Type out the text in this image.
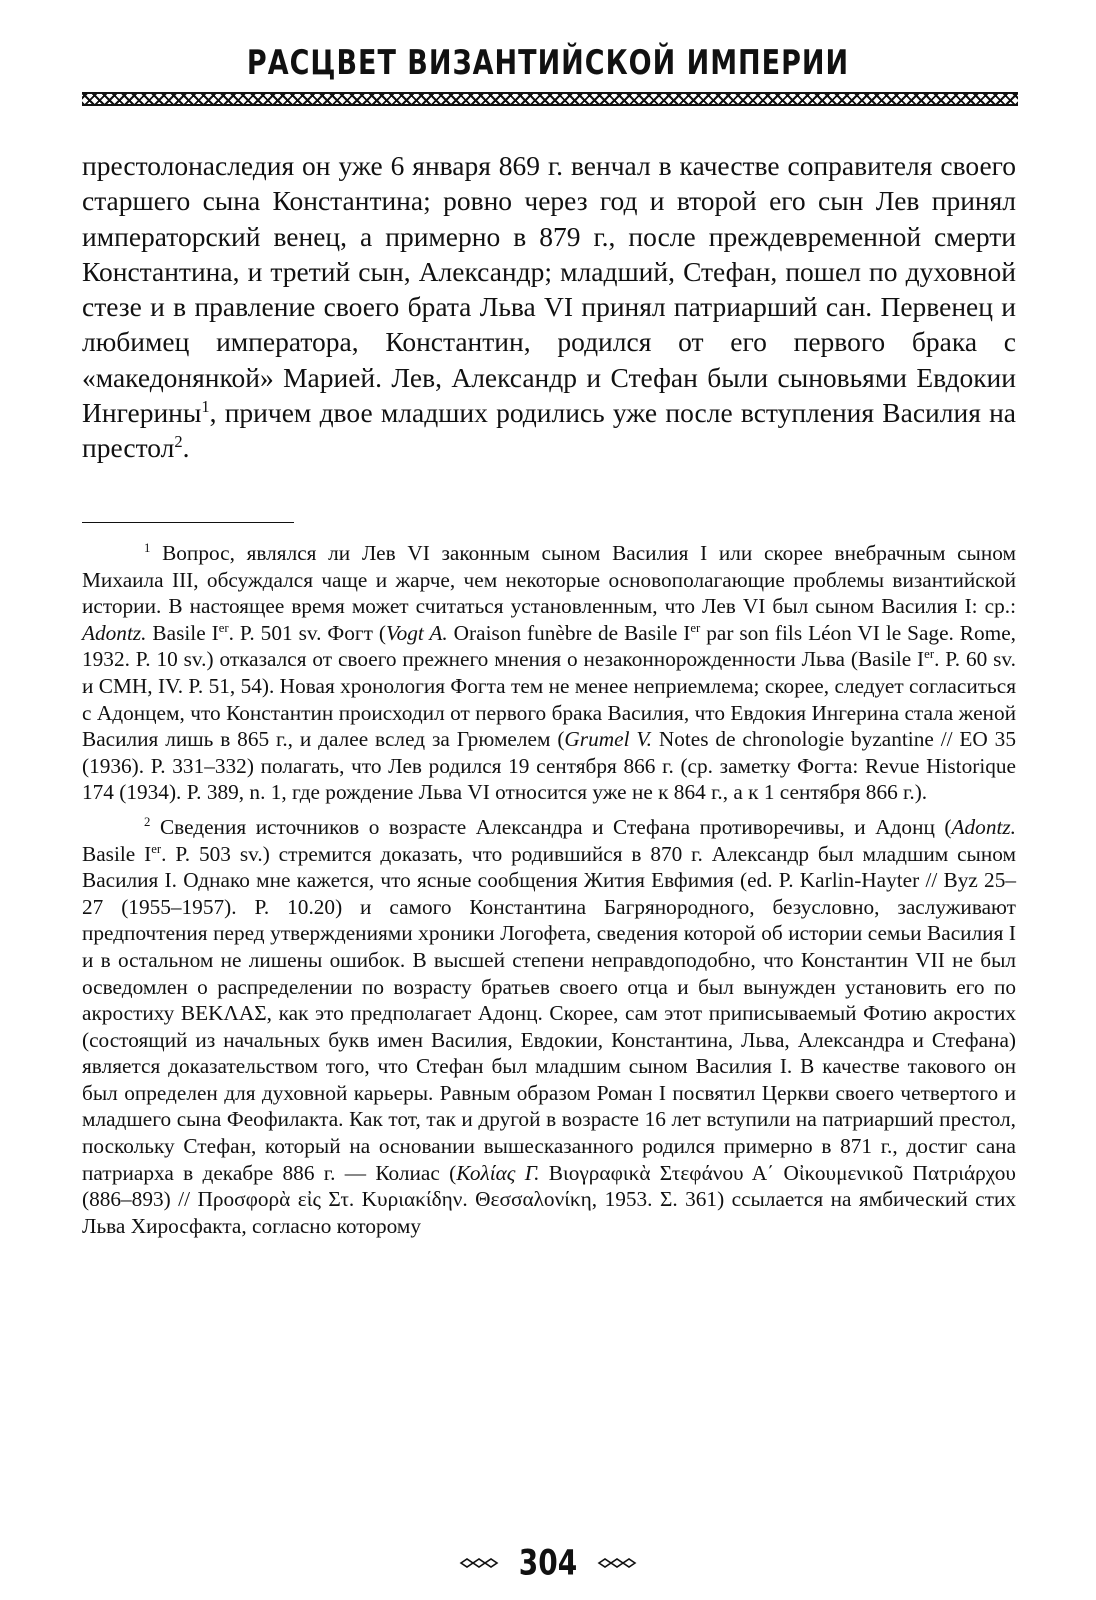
РАСЦВЕТ ВИЗАНТИЙСКОЙ ИМПЕРИИ

престолонаследия он уже 6 января 869 г. венчал в качестве соправителя своего старшего сына Константина; ровно через год и второй его сын Лев принял императорский венец, а примерно в 879 г., после преждевременной смерти Константина, и третий сын, Александр; младший, Стефан, пошел по духовной стезе и в правление своего брата Льва VI принял патриарший сан. Первенец и любимец императора, Константин, родился от его первого брака с «македонянкой» Марией. Лев, Александр и Стефан были сыновьями Евдокии Ингерины$^1$, причем двое младших родились уже после вступления Василия на престол$^2$.

$^1$ Вопрос, являлся ли Лев VI законным сыном Василия I или скорее внебрачным сыном Михаила III, обсуждался чаще и жарче, чем некоторые основополагающие проблемы византийской истории. В настоящее время может считаться установленным, что Лев VI был сыном Василия I: ср.: Adontz. Basile Ier. P. 501 sv. Фогт (Vogt A. Oraison funèbre de Basile Ier par son fils Léon VI le Sage. Rome, 1932. P. 10 sv.) отказался от своего прежнего мнения о незаконнорожденности Льва (Basile Ier. P. 60 sv. и CMH, IV. P. 51, 54). Новая хронология Фогта тем не менее неприемлема; скорее, следует согласиться с Адонцем, что Константин происходил от первого брака Василия, что Евдокия Ингерина стала женой Василия лишь в 865 г., и далее вслед за Грюмелем (Grumel V. Notes de chronologie byzantine // EO 35 (1936). P. 331–332) полагать, что Лев родился 19 сентября 866 г. (ср. заметку Фогта: Revue Historique 174 (1934). P. 389, n. 1, где рождение Льва VI относится уже не к 864 г., а к 1 сентября 866 г.).

$^2$ Сведения источников о возрасте Александра и Стефана противоречивы, и Адонц (Adontz. Basile Ier. P. 503 sv.) стремится доказать, что родившийся в 870 г. Александр был младшим сыном Василия I. Однако мне кажется, что ясные сообщения Жития Евфимия (ed. P. Karlin-Hayter // Byz 25–27 (1955–1957). P. 10.20) и самого Константина Багрянородного, безусловно, заслуживают предпочтения перед утверждениями хроники Логофета, сведения которой об истории семьи Василия I и в остальном не лишены ошибок. В высшей степени неправдоподобно, что Константин VII не был осведомлен о распределении по возрасту братьев своего отца и был вынужден установить его по акростиху ΒΕΚΛΑΣ, как это предполагает Адонц. Скорее, сам этот приписываемый Фотию акростих (состоящий из начальных букв имен Василия, Евдокии, Константина, Льва, Александра и Стефана) является доказательством того, что Стефан был младшим сыном Василия I. В качестве такового он был определен для духовной карьеры. Равным образом Роман I посвятил Церкви своего четвертого и младшего сына Феофилакта. Как тот, так и другой в возрасте 16 лет вступили на патриарший престол, поскольку Стефан, который на основании вышесказанного родился примерно в 871 г., достиг сана патриарха в декабре 886 г. — Колиас (Κολίας Γ. Βιογραφικὰ Στεφάνου Α΄ Οἰκουμενικοῦ Πατριάρχου (886–893) // Προσφορὰ εἰς Στ. Κυριακίδην. Θεσσαλονίκη, 1953. Σ. 361) ссылается на ямбический стих Льва Хиросфакта, согласно которому

304
